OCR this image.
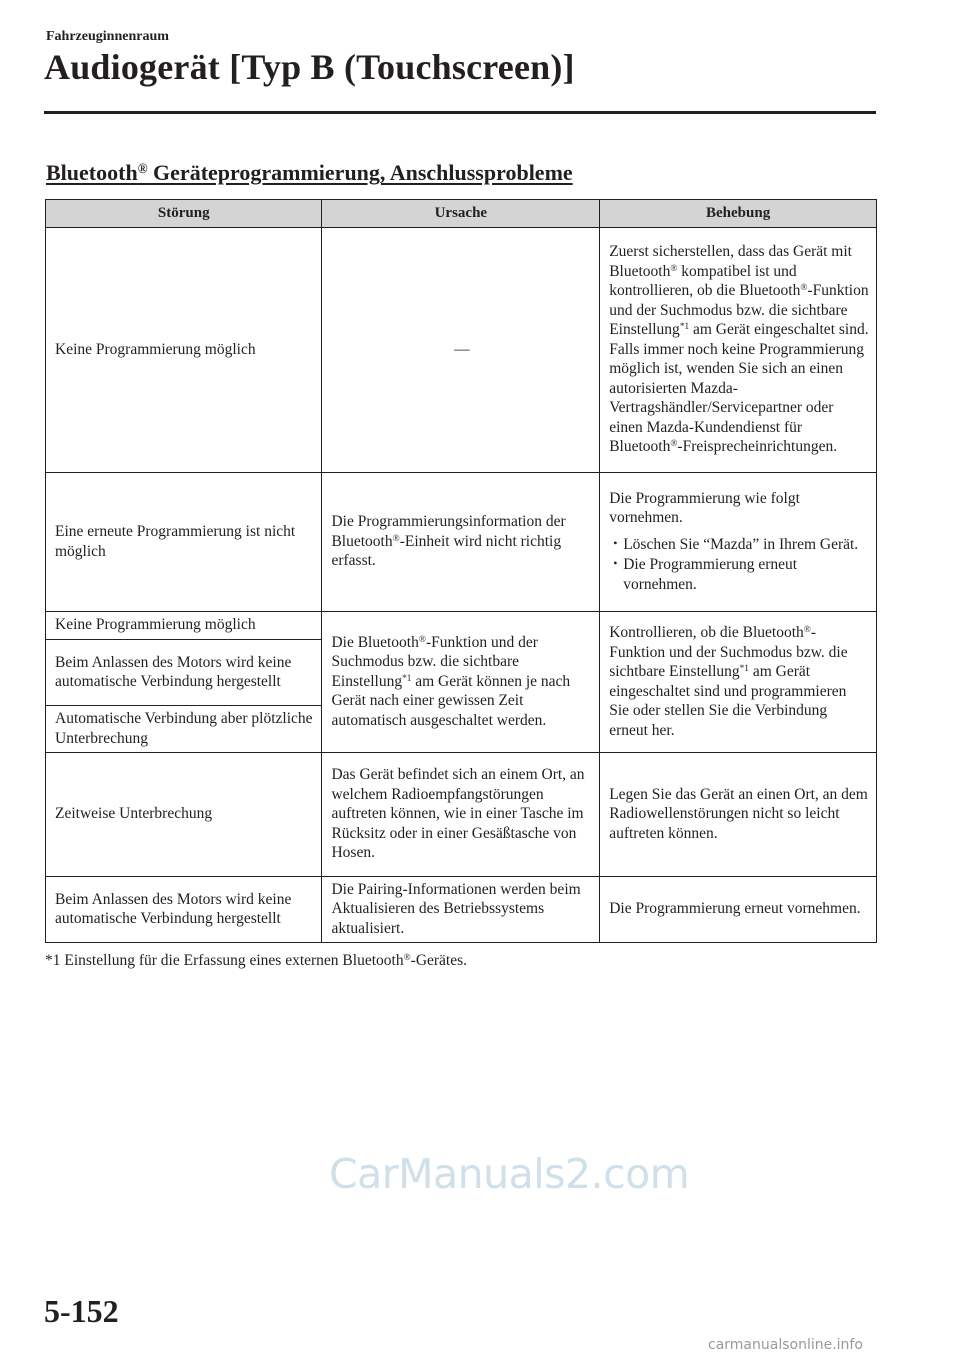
Fahrzeuginnenraum
Audiogerät [Typ B (Touchscreen)]
Bluetooth® Geräteprogrammierung, Anschlussprobleme
Störung	Ursache	Behebung
Keine Programmierung möglich	—	Zuerst sicherstellen, dass das Gerät mit Bluetooth® kompatibel ist und kontrollieren, ob die Bluetooth®-Funktion und der Suchmodus bzw. die sichtbare Einstellung$^{*1}$ am Gerät eingeschaltet sind. Falls immer noch keine Programmierung möglich ist, wenden Sie sich an einen autorisierten Mazda-Vertragshändler/Servicepartner oder einen Mazda-Kundendienst für Bluetooth®-Freisprecheinrichtungen.
Eine erneute Programmierung ist nicht möglich	Die Programmierungsinformation der Bluetooth®-Einheit wird nicht richtig erfasst.	Die Programmierung wie folgt vornehmen.
• Löschen Sie “Mazda” in Ihrem Gerät.
• Die Programmierung erneut vornehmen.

Keine Programmierung möglich	Die Bluetooth®-Funktion und der Suchmodus bzw. die sichtbare Einstellung$^{*1}$ am Gerät können je nach Gerät nach einer gewissen Zeit automatisch ausgeschaltet werden.	Kontrollieren, ob die Bluetooth®-Funktion und der Suchmodus bzw. die sichtbare Einstellung$^{*1}$ am Gerät eingeschaltet sind und programmieren Sie oder stellen Sie die Verbindung erneut her.
Beim Anlassen des Motors wird keine automatische Verbindung hergestellt		
Automatische Verbindung aber plötzliche Unterbrechung		
Zeitweise Unterbrechung	Das Gerät befindet sich an einem Ort, an welchem Radioempfangstörungen auftreten können, wie in einer Tasche im Rücksitz oder in einer Gesäßtasche von Hosen.	Legen Sie das Gerät an einen Ort, an dem Radiowellenstörungen nicht so leicht auftreten können.
Beim Anlassen des Motors wird keine automatische Verbindung hergestellt	Die Pairing-Informationen werden beim Aktualisieren des Betriebssystems aktualisiert.	Die Programmierung erneut vornehmen.
*1 Einstellung für die Erfassung eines externen Bluetooth®-Gerätes.
CarManuals2.com
5-152
carmanualsonline.info
